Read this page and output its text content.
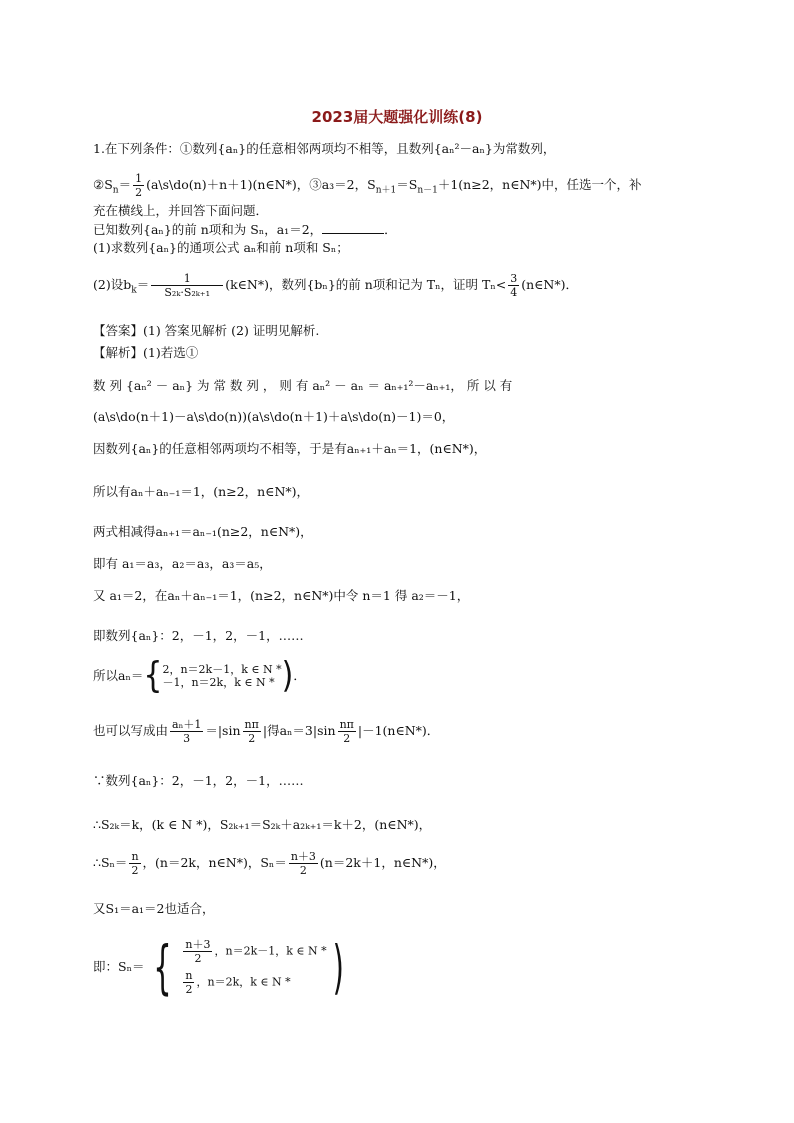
2023届大题强化训练(8)
1.在下列条件：①数列{aₙ}的任意相邻两项均不相等，且数列{aₙ²－aₙ}为常数列，
$②S_n= \frac{1}{2}$ (a\s\do(n)＋n＋1)(n∈N*)，③a₃＝2，$S_{n+1}=S_{n-1}+1(n\ge 2$，n∈N*)中，任选一个，补
充在横线上，并回答下面问题．
已知数列{aₙ}的前 n项和为 Sₙ，a₁＝2，	．
(1)求数列{aₙ}的通项公式 aₙ和前 n项和 Sₙ；
(2)设$b_k= \frac{1}{\text{S₂ₖ·S₂ₖ₊₁}}$ (k∈N*)，数列{bₙ}的前 n项和记为 Tₙ，证明 $T_n< \frac{3}{4}$ (n∈N*)．
【答案】(1) 答案见解析 (2) 证明见解析.
【解析】(1)若选①
数 列 {aₙ² － aₙ} 为 常 数 列 ， 则 有 aₙ² － aₙ ＝ aₙ₊₁²－aₙ₊₁， 所 以 有
(a\s\do(n＋1)－a\s\do(n))(a\s\do(n＋1)＋a\s\do(n)－1)＝0，
因数列{aₙ}的任意相邻两项均不相等，于是有aₙ₊₁＋aₙ＝1，(n∈N*)，
所以有aₙ＋aₙ₋₁＝1，(n≥2，n∈N*)，
两式相减得aₙ₊₁＝aₙ₋₁(n≥2，n∈N*)，
即有 a₁＝a₃，a₂＝a₃，a₃＝a₅，
又 a₁＝2，在aₙ＋aₙ₋₁＝1，(n≥2，n∈N*)中令 n＝1 得 a₂＝－1，
即数列{aₙ}：2，－1，2，－1，……
所以aₙ＝ { 2，n＝2k－1，k ∈ N *
－1，n＝2k，k ∈ N * ) ．
也可以写成由 $\frac{\text{aₙ＋1}}{3} =|\sin \frac{n\pi}{2}$ |得$a_n=3|\sin \frac{n\pi}{2}$ |－1(n∈N*)．
∵数列{aₙ}：2，－1，2，－1，……
∴S₂ₖ＝k，(k ∈ N *)，S₂ₖ₊₁＝S₂ₖ＋a₂ₖ₊₁＝k＋2，(n∈N*)，
∴Sₙ＝ $\frac{n}{2}$ ，(n＝2k，n∈N*)，$S_n= \frac{n+3}{2} (n=2k+1$，n∈N*)，
又S₁＝a₁＝2也适合，
即：Sₙ＝ { $\frac{n+3}{2}$ ，n＝2k－1，k ∈ N *
$\frac{n}{2}$ ，n＝2k，k ∈ N * )
